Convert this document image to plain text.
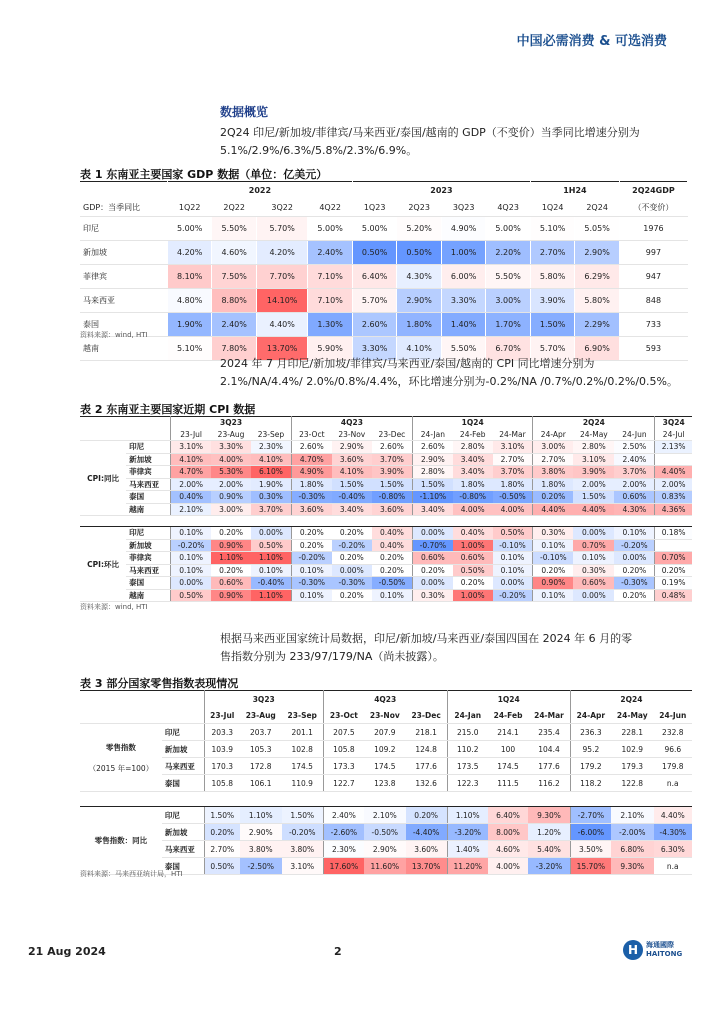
中国必需消费 & 可选消费
数据概览
2Q24 印尼/新加坡/菲律宾/马来西亚/泰国/越南的 GDP（不变价）当季同比增速分别为
5.1%/2.9%/6.3%/5.8%/2.3%/6.9%。
表 1 东南亚主要国家 GDP 数据（单位：亿美元）
	2022				2023				1H24		2Q24GDP
GDP：当季同比	1Q22	2Q22	3Q22	4Q22	1Q23	2Q23	3Q23	4Q23	1Q24	2Q24	（不变价）
印尼	5.00%	5.50%	5.70%	5.00%	5.00%	5.20%	4.90%	5.00%	5.10%	5.05%	1976
新加坡	4.20%	4.60%	4.20%	2.40%	0.50%	0.50%	1.00%	2.20%	2.70%	2.90%	997
菲律宾	8.10%	7.50%	7.70%	7.10%	6.40%	4.30%	6.00%	5.50%	5.80%	6.29%	947
马来西亚	4.80%	8.80%	14.10%	7.10%	5.70%	2.90%	3.30%	3.00%	3.90%	5.80%	848
泰国	1.90%	2.40%	4.40%	1.30%	2.60%	1.80%	1.40%	1.70%	1.50%	2.29%	733
越南	5.10%	7.80%	13.70%	5.90%	3.30%	4.10%	5.50%	6.70%	5.70%	6.90%	593
资料来源：wind, HTI
2024 年 7 月印尼/新加坡/菲律宾/马来西亚/泰国/越南的 CPI 同比增速分别为
2.1%/NA/4.4%/ 2.0%/0.8%/4.4%，环比增速分别为-0.2%/NA /0.7%/0.2%/0.2%/0.5%。
表 2 东南亚主要国家近期 CPI 数据
		3Q23			4Q23			1Q24			2Q24			3Q24
		23-Jul	23-Aug	23-Sep	23-Oct	23-Nov	23-Dec	24-Jan	24-Feb	24-Mar	24-Apr	24-May	24-Jun	24-Jul
CPI:同比	印尼	3.10%	3.30%	2.30%	2.60%	2.90%	2.60%	2.60%	2.80%	3.10%	3.00%	2.80%	2.50%	2.13%
	新加坡	4.10%	4.00%	4.10%	4.70%	3.60%	3.70%	2.90%	3.40%	2.70%	2.70%	3.10%	2.40%	
	菲律宾	4.70%	5.30%	6.10%	4.90%	4.10%	3.90%	2.80%	3.40%	3.70%	3.80%	3.90%	3.70%	4.40%
	马来西亚	2.00%	2.00%	1.90%	1.80%	1.50%	1.50%	1.50%	1.80%	1.80%	1.80%	2.00%	2.00%	2.00%
	泰国	0.40%	0.90%	0.30%	-0.30%	-0.40%	-0.80%	-1.10%	-0.80%	-0.50%	0.20%	1.50%	0.60%	0.83%
	越南	2.10%	3.00%	3.70%	3.60%	3.40%	3.60%	3.40%	4.00%	4.00%	4.40%	4.40%	4.30%	4.36%

CPI:环比	印尼	0.10%	0.20%	0.00%	0.20%	0.20%	0.40%	0.00%	0.40%	0.50%	0.30%	0.00%	0.10%	0.18%
	新加坡	-0.20%	0.90%	0.50%	0.20%	-0.20%	0.40%	-0.70%	1.00%	-0.10%	0.10%	0.70%	-0.20%	
	菲律宾	0.10%	1.10%	1.10%	-0.20%	0.20%	0.20%	0.60%	0.60%	0.10%	-0.10%	0.10%	0.00%	0.70%
	马来西亚	0.10%	0.20%	0.10%	0.10%	0.00%	0.20%	0.20%	0.50%	0.10%	0.20%	0.30%	0.20%	0.20%
	泰国	0.00%	0.60%	-0.40%	-0.30%	-0.30%	-0.50%	0.00%	0.20%	0.00%	0.90%	0.60%	-0.30%	0.19%
	越南	0.50%	0.90%	1.10%	0.10%	0.20%	0.10%	0.30%	1.00%	-0.20%	0.10%	0.00%	0.20%	0.48%
资料来源：wind, HTI
根据马来西亚国家统计局数据，印尼/新加坡/马来西亚/泰国四国在 2024 年 6 月的零
售指数分别为 233/97/179/NA（尚未披露）。
表 3 部分国家零售指数表现情况
		3Q23			4Q23			1Q24			2Q24		
		23-Jul	23-Aug	23-Sep	23-Oct	23-Nov	23-Dec	24-Jan	24-Feb	24-Mar	24-Apr	24-May	24-Jun

零售指数
（2015 年=100）	印尼	203.3	203.7	201.1	207.5	207.9	218.1	215.0	214.1	235.4	236.3	228.1	232.8
	新加坡	103.9	105.3	102.8	105.8	109.2	124.8	110.2	100	104.4	95.2	102.9	96.6
	马来西亚	170.3	172.8	174.5	173.3	174.5	177.6	173.5	174.5	177.6	179.2	179.3	179.8
	泰国	105.8	106.1	110.9	122.7	123.8	132.6	122.3	111.5	116.2	118.2	122.8	n.a

零售指数：同比	印尼	1.50%	1.10%	1.50%	2.40%	2.10%	0.20%	1.10%	6.40%	9.30%	-2.70%	2.10%	4.40%
	新加坡	0.20%	2.90%	-0.20%	-2.60%	-0.50%	-4.40%	-3.20%	8.00%	1.20%	-6.00%	-2.00%	-4.30%
	马来西亚	2.70%	3.80%	3.80%	2.30%	2.90%	3.60%	1.40%	4.60%	5.40%	3.50%	6.80%	6.30%
	泰国	0.50%	-2.50%	3.10%	17.60%	11.60%	13.70%	11.20%	4.00%	-3.20%	15.70%	9.30%	n.a
资料来源：马来西亚统计局，HTI
21 Aug 2024	2	H	海通國際
HAITONG
